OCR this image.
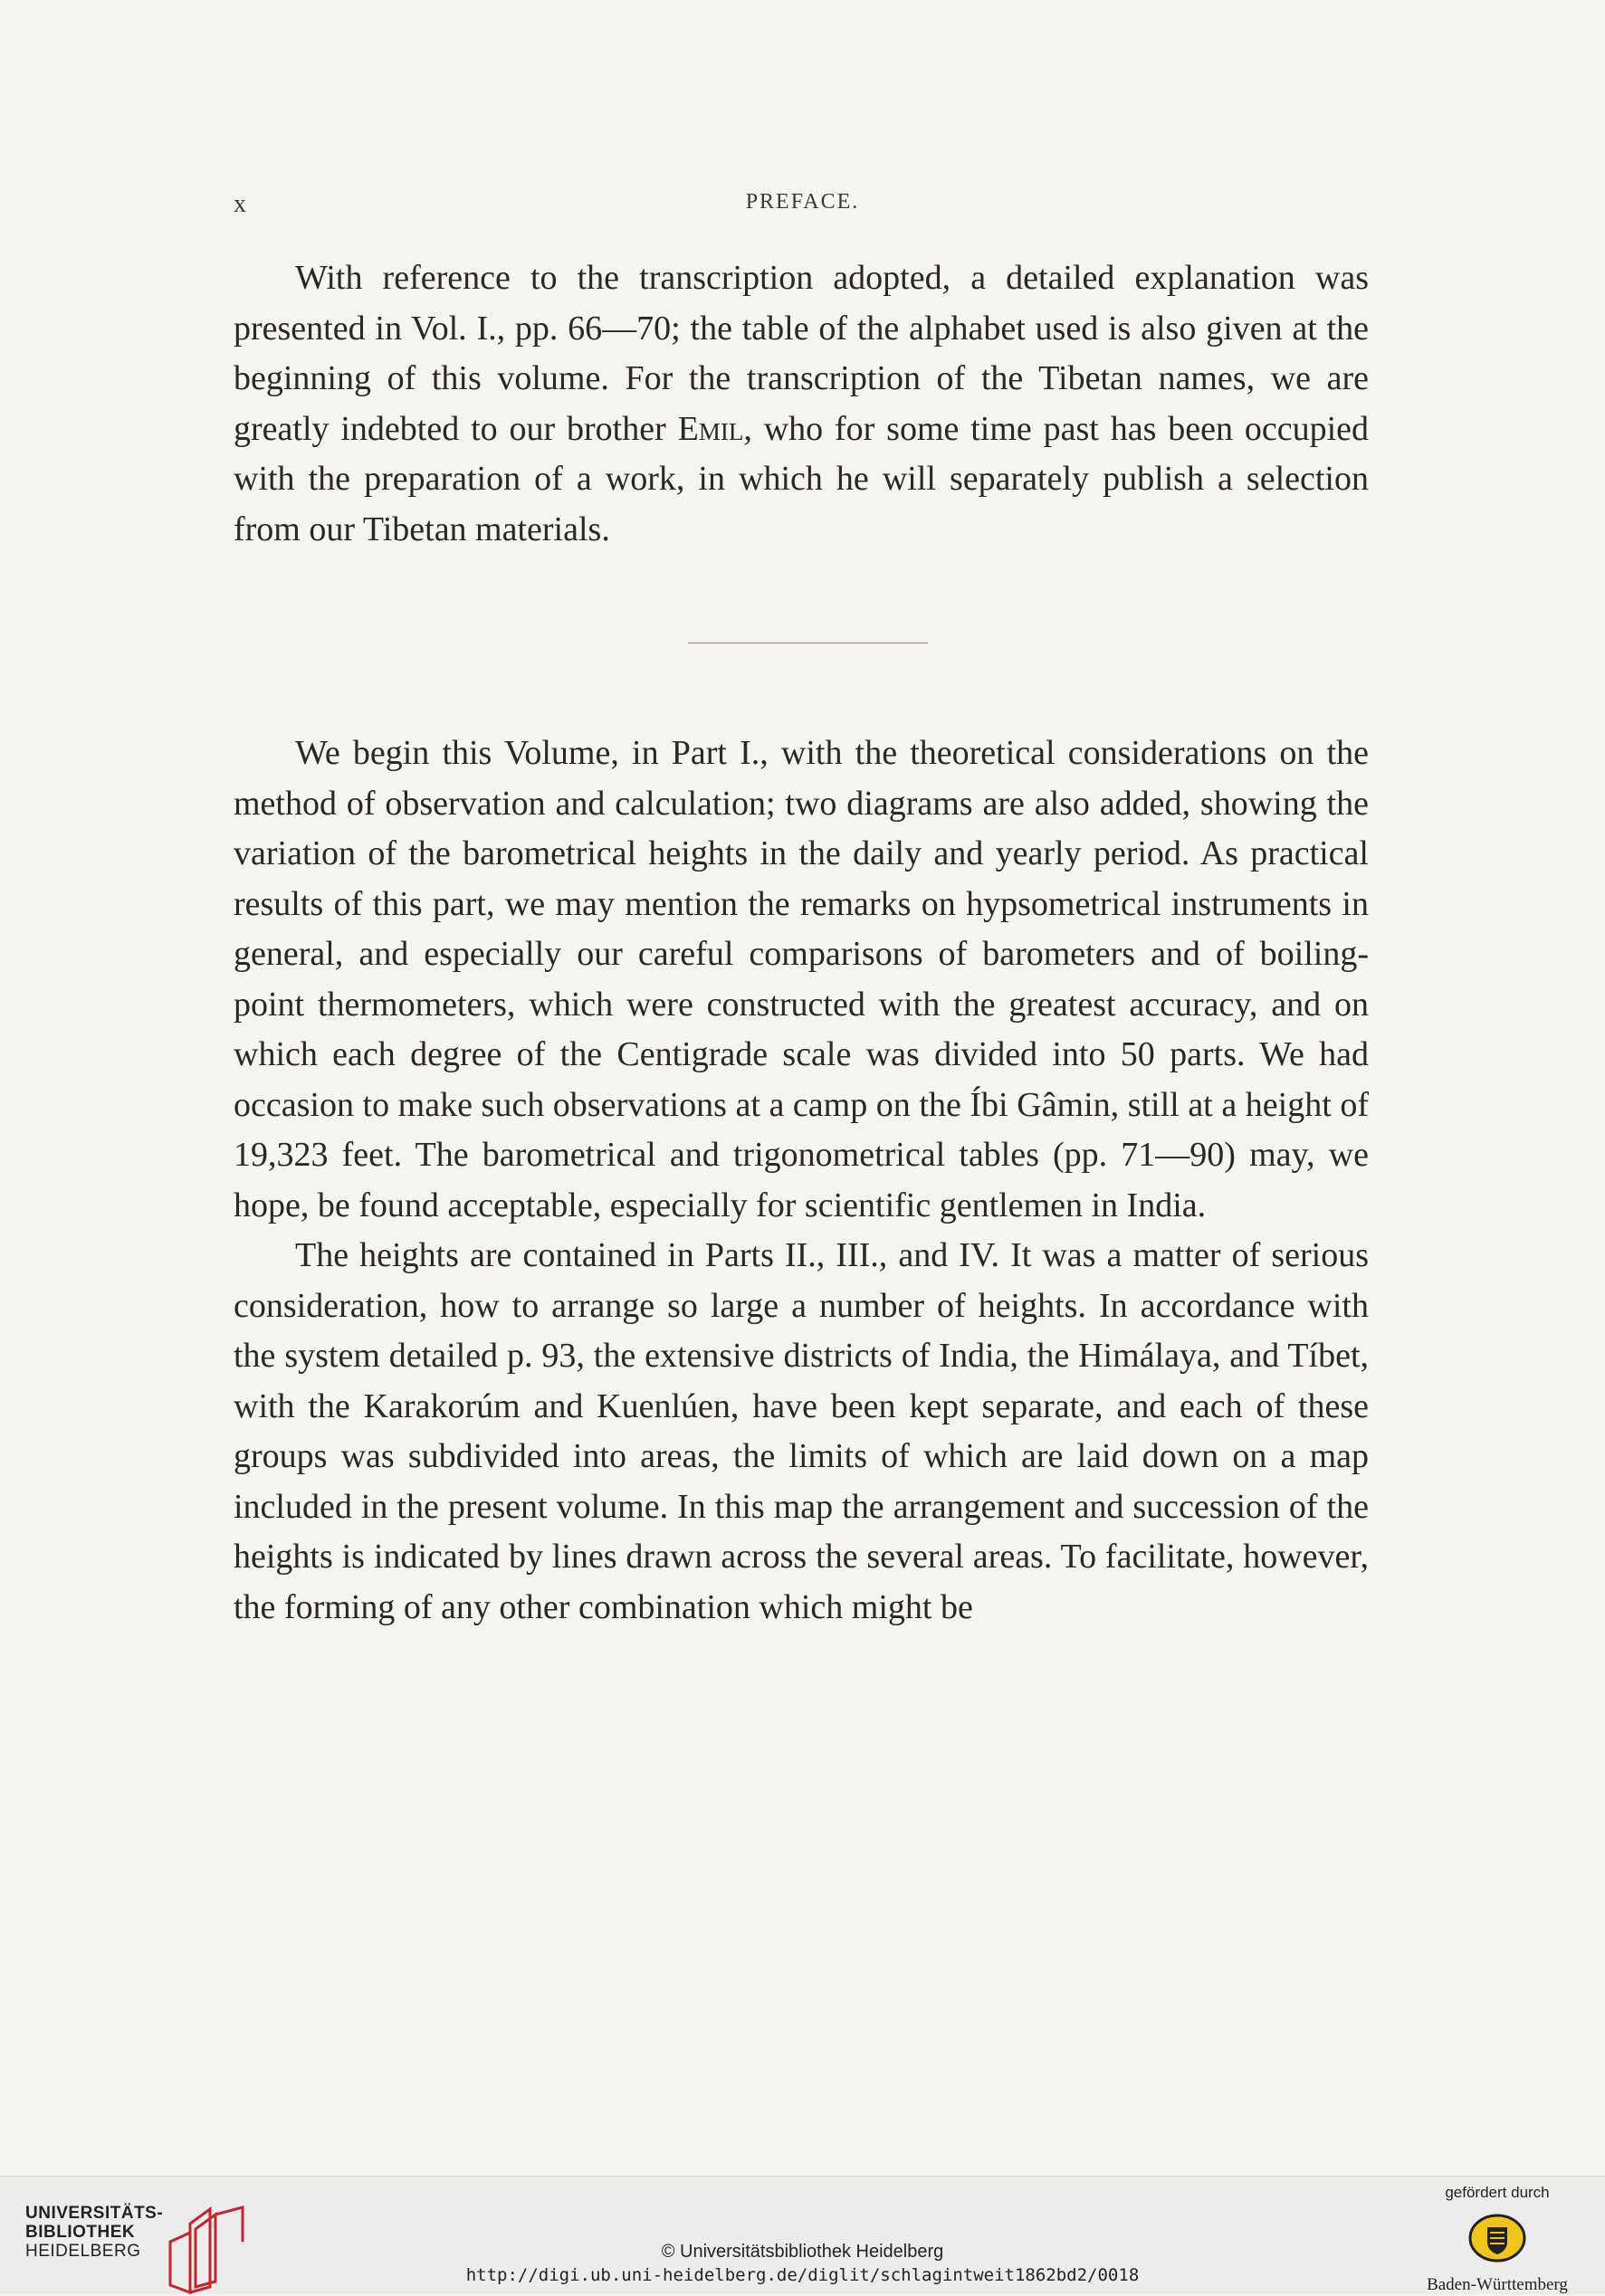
x	PREFACE.

With reference to the transcription adopted, a detailed explanation was presented in Vol. I., pp. 66—70; the table of the alphabet used is also given at the beginning of this volume. For the transcription of the Tibetan names, we are greatly indebted to our brother Emil, who for some time past has been occupied with the preparation of a work, in which he will separately publish a selection from our Tibetan materials.

We begin this Volume, in Part I., with the theoretical considerations on the method of observation and calculation; two diagrams are also added, showing the variation of the barometrical heights in the daily and yearly period. As practical results of this part, we may mention the remarks on hypsometrical instruments in general, and especially our careful comparisons of barometers and of boiling-point thermometers, which were constructed with the greatest accuracy, and on which each degree of the Centigrade scale was divided into 50 parts. We had occasion to make such observations at a camp on the Íbi Gâmin, still at a height of 19,323 feet. The barometrical and trigonometrical tables (pp. 71—90) may, we hope, be found acceptable, especially for scientific gentlemen in India.

The heights are contained in Parts II., III., and IV. It was a matter of serious consideration, how to arrange so large a number of heights. In accordance with the system detailed p. 93, the extensive districts of India, the Himálaya, and Tíbet, with the Karakorúm and Kuenlúen, have been kept separate, and each of these groups was subdivided into areas, the limits of which are laid down on a map included in the present volume. In this map the arrangement and succession of the heights is indicated by lines drawn across the several areas. To facilitate, however, the forming of any other combination which might be

UNIVERSITÄTS-
BIBLIOTHEK
HEIDELBERG	© Universitätsbibliothek Heidelberg
http://digi.ub.uni-heidelberg.de/diglit/schlagintweit1862bd2/0018
gefördert durch
Baden-Württemberg
